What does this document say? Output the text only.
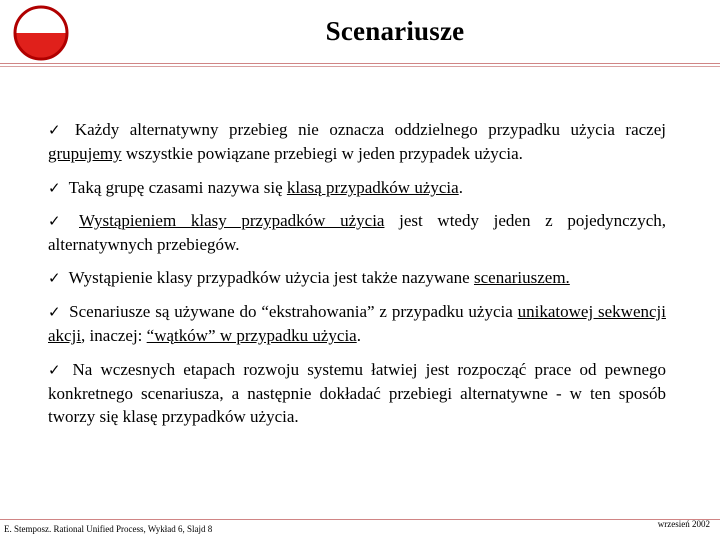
Scenariusze

✓ Każdy alternatywny przebieg nie oznacza oddzielnego przypadku użycia raczej grupujemy wszystkie powiązane przebiegi w jeden przypadek użycia.

✓ Taką grupę czasami nazywa się klasą przypadków użycia.

✓ Wystąpieniem klasy przypadków użycia jest wtedy jeden z pojedynczych, alternatywnych przebiegów.

✓ Wystąpienie klasy przypadków użycia jest także nazywane scenariuszem.

✓ Scenariusze są używane do “ekstrahowania” z przypadku użycia unikatowej sekwencji akcji, inaczej: “wątków” w przypadku użycia.

✓ Na wczesnych etapach rozwoju systemu łatwiej jest rozpocząć prace od pewnego konkretnego scenariusza, a następnie dokładać przebiegi alternatywne - w ten sposób tworzy się klasę przypadków użycia.

E. Stemposz. Rational Unified Process, Wykład 6, Slajd 8	wrzesień 2002
